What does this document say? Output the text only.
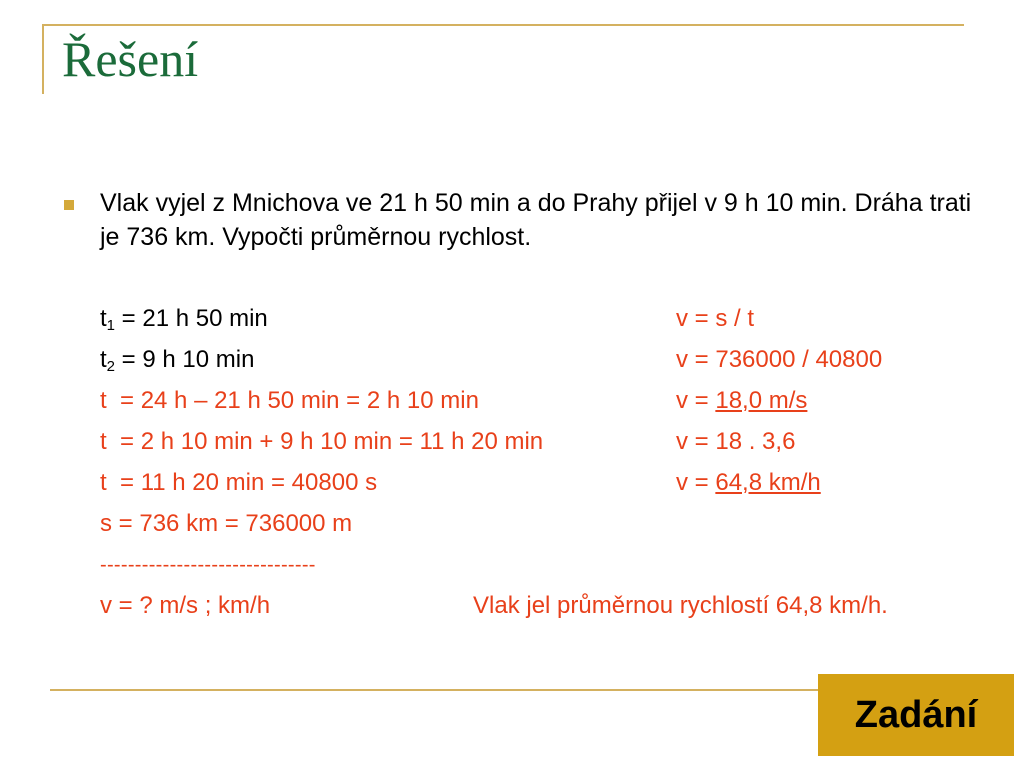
Řešení
Vlak vyjel z Mnichova ve 21 h 50 min a do Prahy přijel v 9 h 10 min. Dráha trati je 736 km. Vypočti průměrnou rychlost.
$t_1 = 21$ h 50 min
$t_2 = 9$ h 10 min
t  = 24 h – 21 h 50 min = 2 h 10 min
t  = 2 h 10 min + 9 h 10 min = 11 h 20 min
t  = 11 h 20 min = 40800 s
s = 736 km = 736000 m
-------------------------------
v = ? m/s ; km/h
v = s / t
v = 736000 / 40800
v = 18,0 m/s
v = 18 . 3,6
v = 64,8 km/h
Vlak jel průměrnou rychlostí 64,8 km/h.
Zadání
